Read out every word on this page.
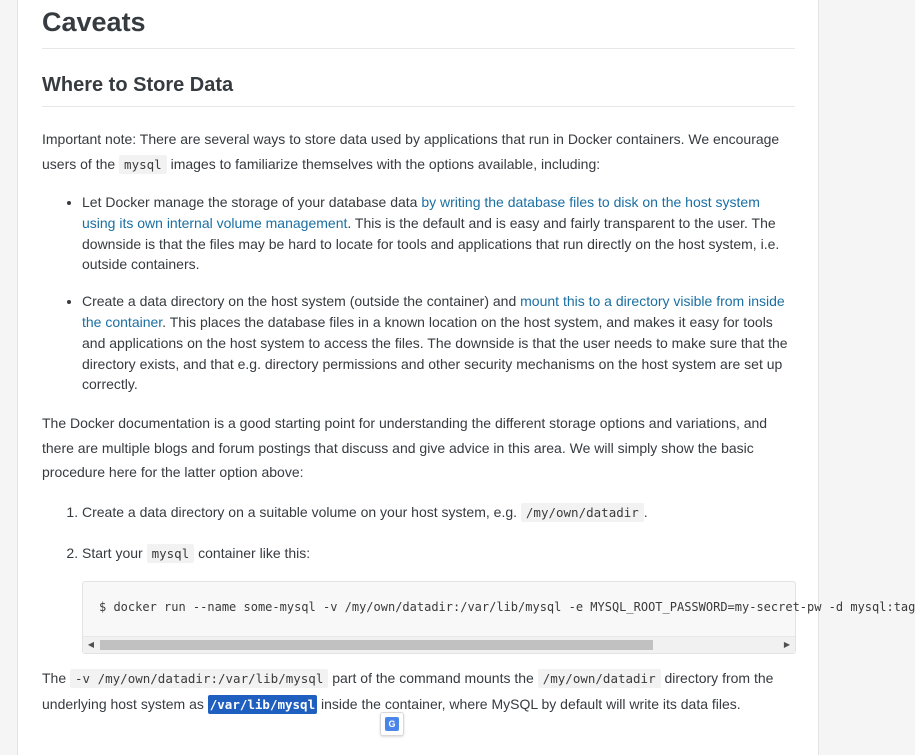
Caveats
Where to Store Data

Important note: There are several ways to store data used by applications that run in Docker containers. We encourage users of the mysql images to familiarize themselves with the options available, including:

• Let Docker manage the storage of your database data by writing the database files to disk on the host system using its own internal volume management. This is the default and is easy and fairly transparent to the user. The downside is that the files may be hard to locate for tools and applications that run directly on the host system, i.e. outside containers.
• Create a data directory on the host system (outside the container) and mount this to a directory visible from inside the container. This places the database files in a known location on the host system, and makes it easy for tools and applications on the host system to access the files. The downside is that the user needs to make sure that the directory exists, and that e.g. directory permissions and other security mechanisms on the host system are set up correctly.

The Docker documentation is a good starting point for understanding the different storage options and variations, and there are multiple blogs and forum postings that discuss and give advice in this area. We will simply show the basic procedure here for the latter option above:

1. Create a data directory on a suitable volume on your host system, e.g. /my/own/datadir .
2. Start your mysql container like this:

The -v /my/own/datadir:/var/lib/mysql part of the command mounts the /my/own/datadir directory from the underlying host system as /var/lib/mysql inside the container, where MySQL by default will write its data files.

$ docker run --name some-mysql -v /my/own/datadir:/var/lib/mysql -e MYSQL_ROOT_PASSWORD=my-secret-pw -d mysql:tag
◀	▶
G
